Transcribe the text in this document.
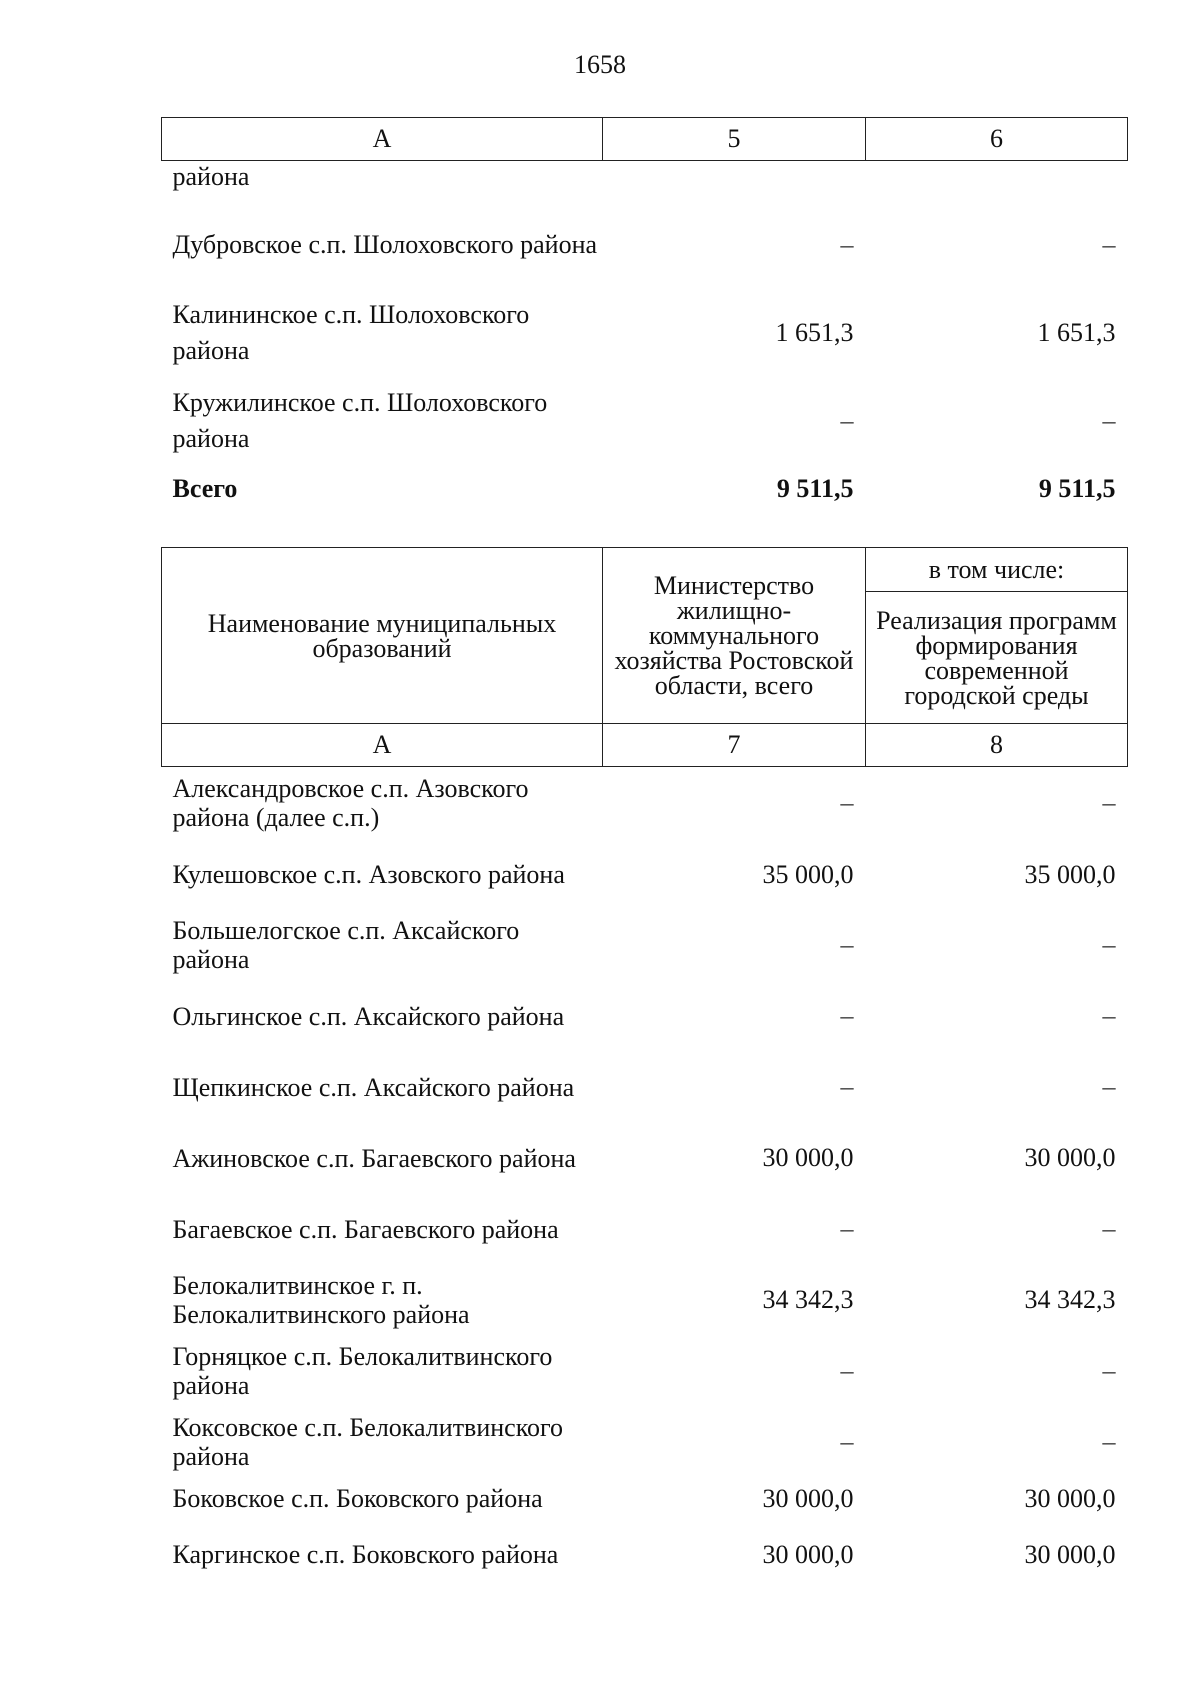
1658
А	5	6
района		
Дубровское с.п. Шолоховского района	–	–
Калининское с.п. Шолоховского района	1 651,3	1 651,3
Кружилинское с.п. Шолоховского района	–	–
Всего	9 511,5	9 511,5
Наименование муниципальных образований	Министерство жилищно-коммунального хозяйства Ростовской области, всего	в том числе:
		Реализация программ формирования современной городской среды
А	7	8
Александровское с.п. Азовского района (далее с.п.)	–	–
Кулешовское с.п. Азовского района	35 000,0	35 000,0
Большелогское с.п. Аксайского района	–	–
Ольгинское с.п. Аксайского района	–	–
Щепкинское с.п. Аксайского района	–	–
Ажиновское с.п. Багаевского района	30 000,0	30 000,0
Багаевское с.п. Багаевского района	–	–
Белокалитвинское г. п. Белокалитвинского района	34 342,3	34 342,3
Горняцкое с.п. Белокалитвинского района	–	–
Коксовское с.п. Белокалитвинского района	–	–
Боковское с.п. Боковского района	30 000,0	30 000,0
Каргинское с.п. Боковского района	30 000,0	30 000,0
